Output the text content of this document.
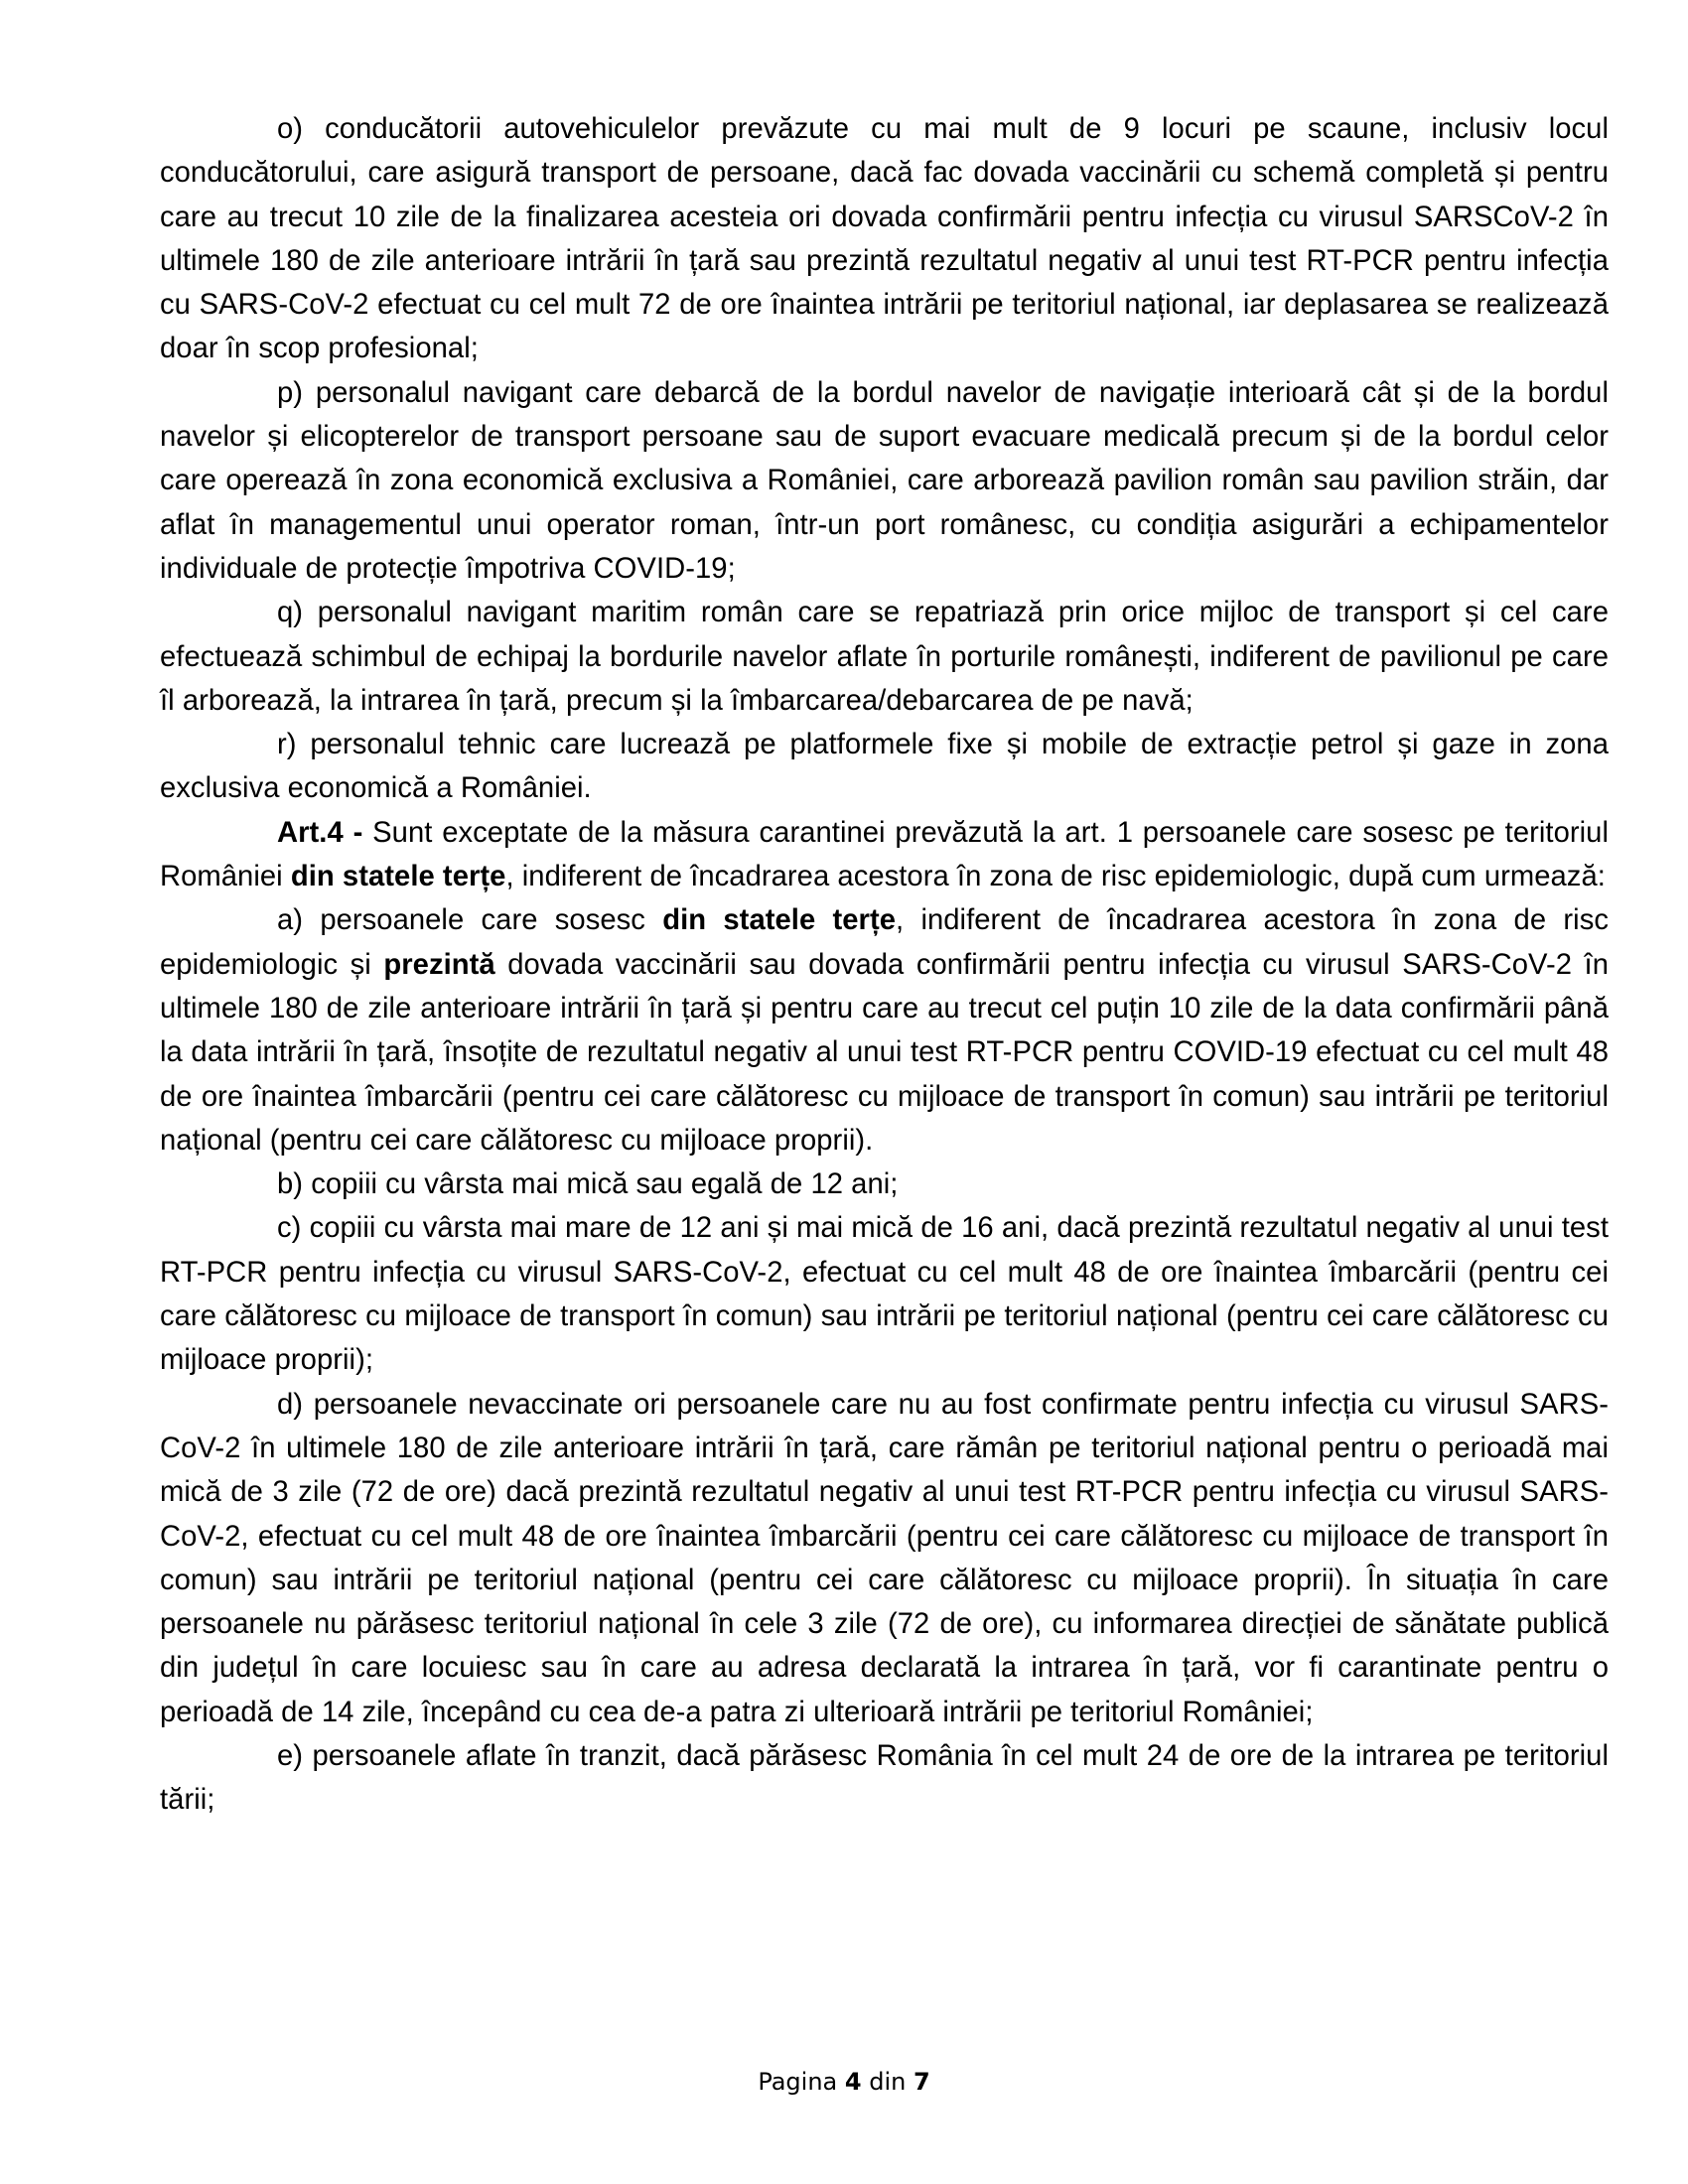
o) conducătorii autovehiculelor prevăzute cu mai mult de 9 locuri pe scaune, inclusiv locul conducătorului, care asigură transport de persoane, dacă fac dovada vaccinării cu schemă completă și pentru care au trecut 10 zile de la finalizarea acesteia ori dovada confirmării pentru infecția cu virusul SARSCoV-2 în ultimele 180 de zile anterioare intrării în țară sau prezintă rezultatul negativ al unui test RT-PCR pentru infecția cu SARS-CoV-2 efectuat cu cel mult 72 de ore înaintea intrării pe teritoriul național, iar deplasarea se realizează doar în scop profesional;

p) personalul navigant care debarcă de la bordul navelor de navigație interioară cât și de la bordul navelor și elicopterelor de transport persoane sau de suport evacuare medicală precum și de la bordul celor care operează în zona economică exclusiva a României, care arborează pavilion român sau pavilion străin, dar aflat în managementul unui operator roman, într-un port românesc, cu condiția asigurări a echipamentelor individuale de protecție împotriva COVID-19;

q) personalul navigant maritim român care se repatriază prin orice mijloc de transport și cel care efectuează schimbul de echipaj la bordurile navelor aflate în porturile românești, indiferent de pavilionul pe care îl arborează, la intrarea în țară, precum și la îmbarcarea/debarcarea de pe navă;

r) personalul tehnic care lucrează pe platformele fixe și mobile de extracție petrol și gaze in zona exclusiva economică a României.

Art.4 - Sunt exceptate de la măsura carantinei prevăzută la art. 1 persoanele care sosesc pe teritoriul României din statele terțe, indiferent de încadrarea acestora în zona de risc epidemiologic, după cum urmează:

a) persoanele care sosesc din statele terțe, indiferent de încadrarea acestora în zona de risc epidemiologic și prezintă dovada vaccinării sau dovada confirmării pentru infecția cu virusul SARS-CoV-2 în ultimele 180 de zile anterioare intrării în țară și pentru care au trecut cel puțin 10 zile de la data confirmării până la data intrării în țară, însoțite de rezultatul negativ al unui test RT-PCR pentru COVID-19 efectuat cu cel mult 48 de ore înaintea îmbarcării (pentru cei care călătoresc cu mijloace de transport în comun) sau intrării pe teritoriul național (pentru cei care călătoresc cu mijloace proprii).

b) copiii cu vârsta mai mică sau egală de 12 ani;

c) copiii cu vârsta mai mare de 12 ani și mai mică de 16 ani, dacă prezintă rezultatul negativ al unui test RT-PCR pentru infecția cu virusul SARS-CoV-2, efectuat cu cel mult 48 de ore înaintea îmbarcării (pentru cei care călătoresc cu mijloace de transport în comun) sau intrării pe teritoriul național (pentru cei care călătoresc cu mijloace proprii);

d) persoanele nevaccinate ori persoanele care nu au fost confirmate pentru infecția cu virusul SARS-CoV-2 în ultimele 180 de zile anterioare intrării în țară, care rămân pe teritoriul național pentru o perioadă mai mică de 3 zile (72 de ore) dacă prezintă rezultatul negativ al unui test RT-PCR pentru infecția cu virusul SARS-CoV-2, efectuat cu cel mult 48 de ore înaintea îmbarcării (pentru cei care călătoresc cu mijloace de transport în comun) sau intrării pe teritoriul național (pentru cei care călătoresc cu mijloace proprii). În situația în care persoanele nu părăsesc teritoriul național în cele 3 zile (72 de ore), cu informarea direcției de sănătate publică din județul în care locuiesc sau în care au adresa declarată la intrarea în țară, vor fi carantinate pentru o perioadă de 14 zile, începând cu cea de-a patra zi ulterioară intrării pe teritoriul României;

e) persoanele aflate în tranzit, dacă părăsesc România în cel mult 24 de ore de la intrarea pe teritoriul tării;

Pagina 4 din 7
